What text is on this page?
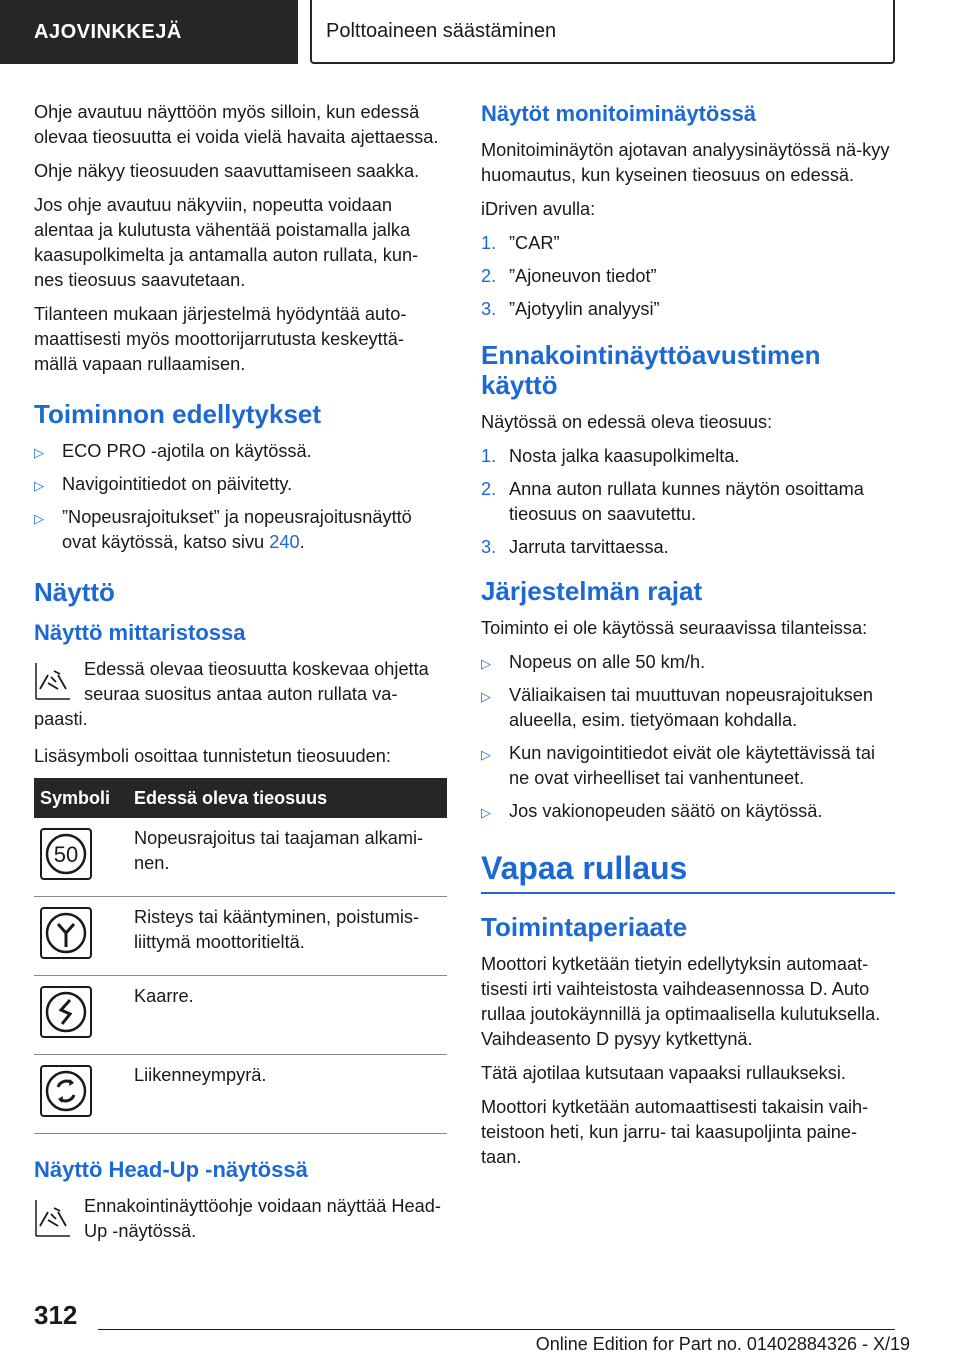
AJOVINKKEJÄ	Polttoaineen säästäminen

Ohje avautuu näyttöön myös silloin, kun edessä olevaa tieosuutta ei voida vielä havaita ajettaessa.

Ohje näkyy tieosuuden saavuttamiseen saakka.

Jos ohje avautuu näkyviin, nopeutta voidaan alentaa ja kulutusta vähentää poistamalla jalka kaasupolkimelta ja antamalla auton rullata, kun-nes tieosuus saavutetaan.

Tilanteen mukaan järjestelmä hyödyntää auto-maattisesti myös moottorijarrutusta keskeyttä-mällä vapaan rullaamisen.

Toiminnon edellytykset
▷ ECO PRO -ajotila on käytössä.
▷ Navigointitiedot on päivitetty.
▷ ”Nopeusrajoitukset” ja nopeusrajoitusnäyttö ovat käytössä, katso sivu 240.
Näyttö
Näyttö mittaristossa
Edessä olevaa tieosuutta koskevaa ohjetta seuraa suositus antaa auton rullata va-
paasti.

Lisäsymboli osoittaa tunnistetun tieosuuden:

Symboli	Edessä oleva tieosuus

50	Nopeusrajoitus tai taajaman alkami-nen.

	Risteys tai kääntyminen, poistumis-liittymä moottoritieltä.

	Kaarre.

	Liikenneympyrä.
Näyttö Head-Up -näytössä
Ennakointinäyttöohje voidaan näyttää Head-Up -näytössä.
Näytöt monitoiminäytössä

Monitoiminäytön ajotavan analyysinäytössä nä-kyy huomautus, kun kyseinen tieosuus on edessä.

iDriven avulla:

1. ”CAR”
2. ”Ajoneuvon tiedot”
3. ”Ajotyylin analyysi”
Ennakointinäyttöavustimen käyttö

Näytössä on edessä oleva tieosuus:

1. Nosta jalka kaasupolkimelta.
2. Anna auton rullata kunnes näytön osoittama tieosuus on saavutettu.
3. Jarruta tarvittaessa.
Järjestelmän rajat

Toiminto ei ole käytössä seuraavissa tilanteissa:

▷ Nopeus on alle 50 km/h.
▷ Väliaikaisen tai muuttuvan nopeusrajoituksen alueella, esim. tietyömaan kohdalla.
▷ Kun navigointitiedot eivät ole käytettävissä tai ne ovat virheelliset tai vanhentuneet.
▷ Jos vakionopeuden säätö on käytössä.
Vapaa rullaus
Toimintaperiaate

Moottori kytketään tietyin edellytyksin automaat-tisesti irti vaihteistosta vaihdeasennossa D. Auto rullaa joutokäynnillä ja optimaalisella kulutuksella. Vaihdeasento D pysyy kytkettynä.

Tätä ajotilaa kutsutaan vapaaksi rullaukseksi.

Moottori kytketään automaattisesti takaisin vaih-teistoon heti, kun jarru- tai kaasupoljinta paine-taan.

312
Online Edition for Part no. 01402884326 - X/19
